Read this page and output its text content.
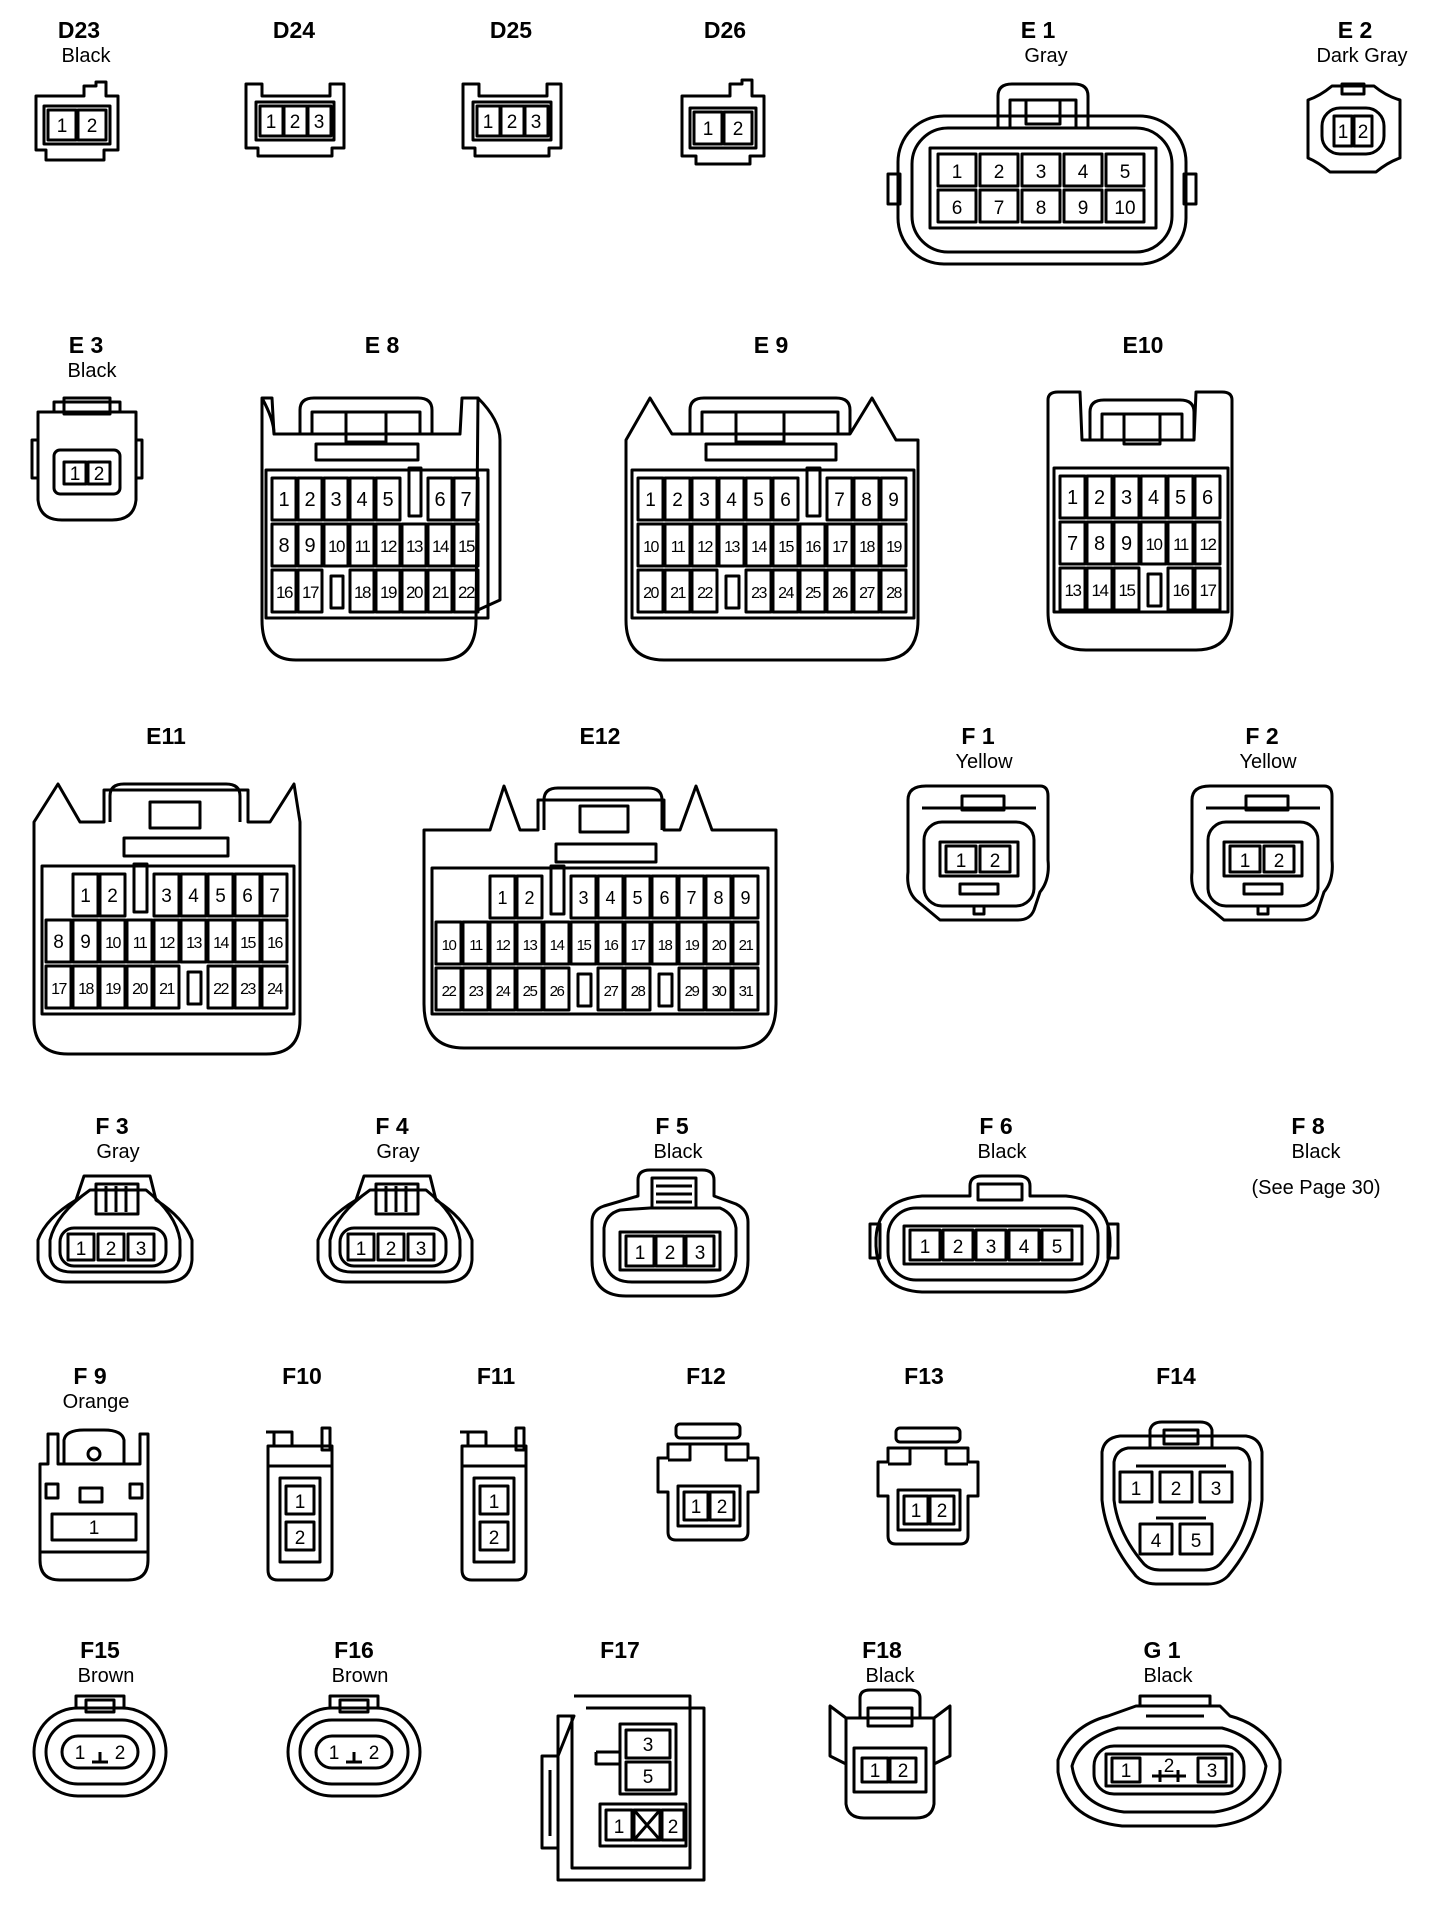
D23
Black
1 2
D24
1 2 3
D25
1 2 3
D26
1 2
E 1
Gray
1 2 3 4 5
6 7 8 9 10
E 2
Dark Gray
1 2
E 3
Black
1 2
E 8
1 2 3 4 5 6 7
8 9 10 11 12 13 14 15
16 17 18 19 20 21 22
E 9
1 2 3 4 5 6 7 8 9
10 11 12 13 14 15 16 17 18 19
20 21 22 23 24 25 26 27 28
E10
1 2 3 4 5 6
7 8 9 10 11 12
13 14 15 16 17
E11
1 2 3 4 5 6 7
8 9 10 11 12 13 14 15 16
17 18 19 20 21 22 23 24
E12
1 2 3 4 5 6 7 8 9
10 11 12 13 14 15 16 17 18 19 20 21
22 23 24 25 26	27 28	29 30 31
F 1
Yellow
1 2
F 2
Yellow
1 2
F 3
Gray
1 2 3
F 4
Gray
1 2 3
F 5
Black
1 2 3
F 6
Black
1 2 3 4 5
F 8
Black
(See Page 30)
F 9
Orange
1
F10
1
2
F11
1
2
F12
1 2
F13
1 2
F14
1 2 3
4 5
F15
Brown
1 2
F16
Brown
1 2
F17
3
5
1 2
F18
Black
1 2
G 1
Black
1 2 3
